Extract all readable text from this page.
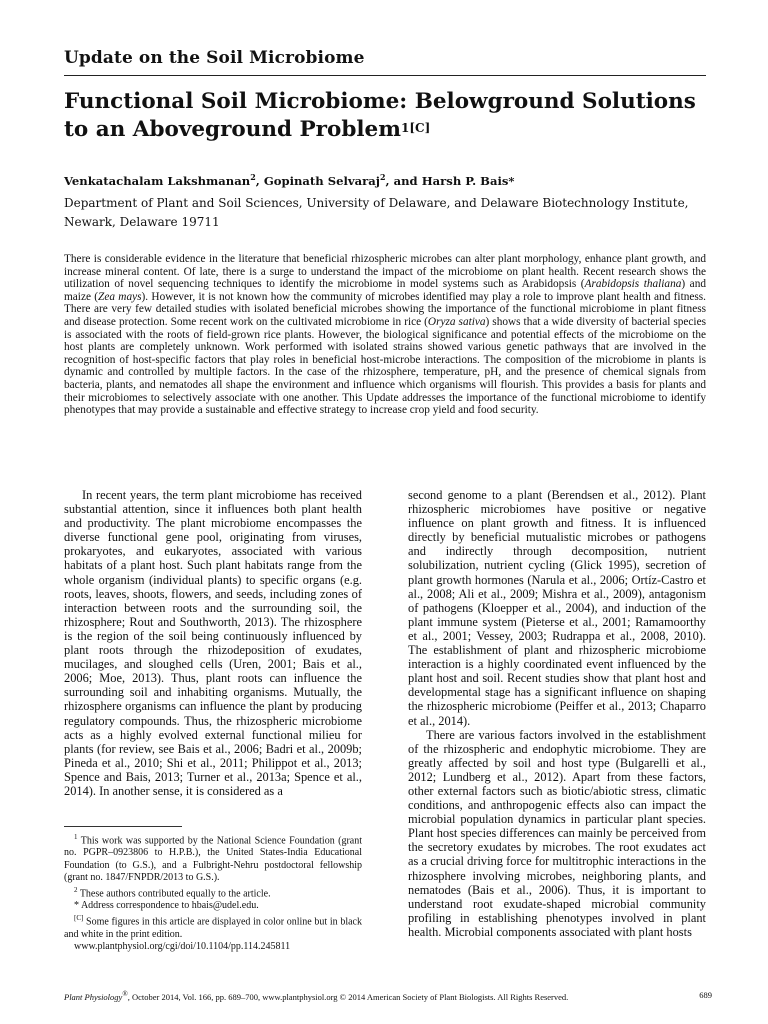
Update on the Soil Microbiome
Functional Soil Microbiome: Belowground Solutions to an Aboveground Problem$^{1[C]}$
Venkatachalam Lakshmanan$^2$, Gopinath Selvaraj$^2$, and Harsh P. Bais*
Department of Plant and Soil Sciences, University of Delaware, and Delaware Biotechnology Institute, Newark, Delaware 19711
There is considerable evidence in the literature that beneficial rhizospheric microbes can alter plant morphology, enhance plant growth, and increase mineral content. Of late, there is a surge to understand the impact of the microbiome on plant health. Recent research shows the utilization of novel sequencing techniques to identify the microbiome in model systems such as Arabidopsis (Arabidopsis thaliana) and maize (Zea mays). However, it is not known how the community of microbes identified may play a role to improve plant health and fitness. There are very few detailed studies with isolated beneficial microbes showing the importance of the functional microbiome in plant fitness and disease protection. Some recent work on the cultivated microbiome in rice (Oryza sativa) shows that a wide diversity of bacterial species is associated with the roots of field-grown rice plants. However, the biological significance and potential effects of the microbiome on the host plants are completely unknown. Work performed with isolated strains showed various genetic pathways that are involved in the recognition of host-specific factors that play roles in beneficial host-microbe interactions. The composition of the microbiome in plants is dynamic and controlled by multiple factors. In the case of the rhizosphere, temperature, pH, and the presence of chemical signals from bacteria, plants, and nematodes all shape the environment and influence which organisms will flourish. This provides a basis for plants and their microbiomes to selectively associate with one another. This Update addresses the importance of the functional microbiome to identify phenotypes that may provide a sustainable and effective strategy to increase crop yield and food security.

In recent years, the term plant microbiome has received substantial attention, since it influences both plant health and productivity. The plant microbiome encompasses the diverse functional gene pool, originating from viruses, prokaryotes, and eukaryotes, associated with various habitats of a plant host. Such plant habitats range from the whole organism (individual plants) to specific organs (e.g. roots, leaves, shoots, flowers, and seeds, including zones of interaction between roots and the surrounding soil, the rhizosphere; Rout and Southworth, 2013). The rhizosphere is the region of the soil being continuously influenced by plant roots through the rhizodeposition of exudates, mucilages, and sloughed cells (Uren, 2001; Bais et al., 2006; Moe, 2013). Thus, plant roots can influence the surrounding soil and inhabiting organisms. Mutually, the rhizosphere organisms can influence the plant by producing regulatory compounds. Thus, the rhizospheric microbiome acts as a highly evolved external functional milieu for plants (for review, see Bais et al., 2006; Badri et al., 2009b; Pineda et al., 2010; Shi et al., 2011; Philippot et al., 2013; Spence and Bais, 2013; Turner et al., 2013a; Spence et al., 2014). In another sense, it is considered as a

second genome to a plant (Berendsen et al., 2012). Plant rhizospheric microbiomes have positive or negative influence on plant growth and fitness. It is influenced directly by beneficial mutualistic microbes or pathogens and indirectly through decomposition, nutrient solubilization, nutrient cycling (Glick 1995), secretion of plant growth hormones (Narula et al., 2006; Ortíz-Castro et al., 2008; Ali et al., 2009; Mishra et al., 2009), antagonism of pathogens (Kloepper et al., 2004), and induction of the plant immune system (Pieterse et al., 2001; Ramamoorthy et al., 2001; Vessey, 2003; Rudrappa et al., 2008, 2010). The establishment of plant and rhizospheric microbiome interaction is a highly coordinated event influenced by the plant host and soil. Recent studies show that plant host and developmental stage has a significant influence on shaping the rhizospheric microbiome (Peiffer et al., 2013; Chaparro et al., 2014).

There are various factors involved in the establishment of the rhizospheric and endophytic microbiome. They are greatly affected by soil and host type (Bulgarelli et al., 2012; Lundberg et al., 2012). Apart from these factors, other external factors such as biotic/abiotic stress, climatic conditions, and anthropogenic effects also can impact the microbial population dynamics in particular plant species. Plant host species differences can mainly be perceived from the secretory exudates by microbes. The root exudates act as a crucial driving force for multitrophic interactions in the rhizosphere involving microbes, neighboring plants, and nematodes (Bais et al., 2006). Thus, it is important to understand root exudate-shaped microbial community profiling in establishing phenotypes involved in plant health. Microbial components associated with plant hosts

$^1$ This work was supported by the National Science Foundation (grant no. PGPR–0923806 to H.P.B.), the United States-India Educational Foundation (to G.S.), and a Fulbright-Nehru postdoctoral fellowship (grant no. 1847/FNPDR/2013 to G.S.).

$^2$ These authors contributed equally to the article.

* Address correspondence to hbais@udel.edu.

[C] Some figures in this article are displayed in color online but in black and white in the print edition.

www.plantphysiol.org/cgi/doi/10.1104/pp.114.245811

Plant Physiology®, October 2014, Vol. 166, pp. 689–700, www.plantphysiol.org © 2014 American Society of Plant Biologists. All Rights Reserved.	689
